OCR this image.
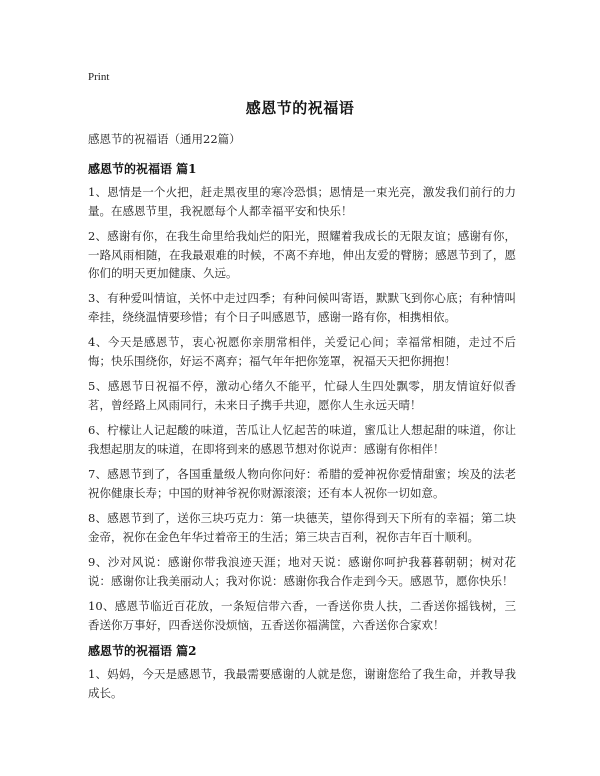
Print
感恩节的祝福语
感恩节的祝福语（通用22篇）
感恩节的祝福语 篇1
1、恩情是一个火把，赶走黑夜里的寒冷恐惧；恩情是一束光亮，激发我们前行的力量。在感恩节里，我祝愿每个人都幸福平安和快乐！
2、感谢有你，在我生命里给我灿烂的阳光，照耀着我成长的无限友谊；感谢有你，一路风雨相随，在我最艰难的时候，不离不弃地，伸出友爱的臂膀；感恩节到了，愿你们的明天更加健康、久远。
3、有种爱叫情谊，关怀中走过四季；有种问候叫寄语，默默飞到你心底；有种情叫牵挂，绕绕温情要珍惜；有个日子叫感恩节，感谢一路有你，相携相依。
4、今天是感恩节，衷心祝愿你亲朋常相伴，关爱记心间；幸福常相随，走过不后悔；快乐围绕你，好运不离弃；福气年年把你笼罩，祝福天天把你拥抱！
5、感恩节日祝福不停，激动心绪久不能平，忙碌人生四处飘零，朋友情谊好似香茗，曾经路上风雨同行，未来日子携手共迎，愿你人生永远天晴！
6、柠檬让人记起酸的味道，苦瓜让人忆起苦的味道，蜜瓜让人想起甜的味道，你让我想起朋友的味道，在即将到来的感恩节想对你说声：感谢有你相伴！
7、感恩节到了，各国重量级人物向你问好：希腊的爱神祝你爱情甜蜜；埃及的法老祝你健康长寿；中国的财神爷祝你财源滚滚；还有本人祝你一切如意。
8、感恩节到了，送你三块巧克力：第一块德芙，望你得到天下所有的幸福；第二块金帝，祝你在金色年华过着帝王的生活；第三块吉百利，祝你吉年百十顺利。
9、沙对风说：感谢你带我浪迹天涯；地对天说：感谢你呵护我暮暮朝朝；树对花说：感谢你让我美丽动人；我对你说：感谢你我合作走到今天。感恩节，愿你快乐！
10、感恩节临近百花放，一条短信带六香，一香送你贵人扶，二香送你摇钱树，三香送你万事好，四香送你没烦恼，五香送你福满筐，六香送你合家欢！
感恩节的祝福语 篇2
1、妈妈，今天是感恩节，我最需要感谢的人就是您，谢谢您给了我生命，并教导我成长。
